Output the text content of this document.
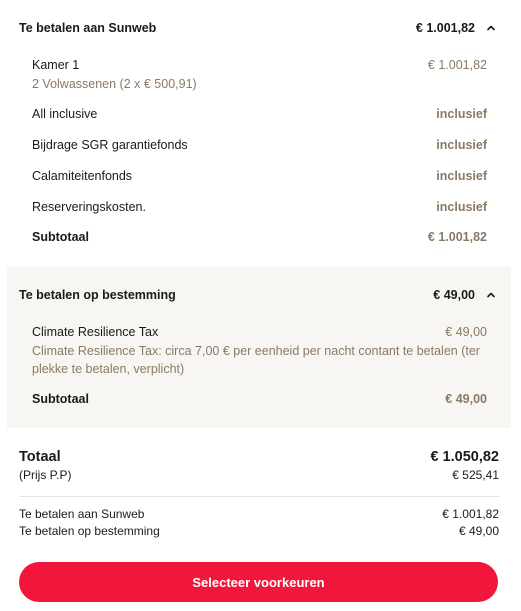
Te betalen aan Sunweb	€ 1.001,82
Kamer 1	€ 1.001,82
2 Volwassenen (2 x € 500,91)
All inclusive	inclusief
Bijdrage SGR garantiefonds	inclusief
Calamiteitenfonds	inclusief
Reserveringskosten.	inclusief
Subtotaal	€ 1.001,82
Te betalen op bestemming	€ 49,00
Climate Resilience Tax	€ 49,00
Climate Resilience Tax: circa 7,00 € per eenheid per nacht contant te betalen (ter plekke te betalen, verplicht)
Subtotaal	€ 49,00
Totaal	€ 1.050,82
(Prijs P.P)	€ 525,41
Te betalen aan Sunweb	€ 1.001,82
Te betalen op bestemming	€ 49,00
Selecteer voorkeuren
